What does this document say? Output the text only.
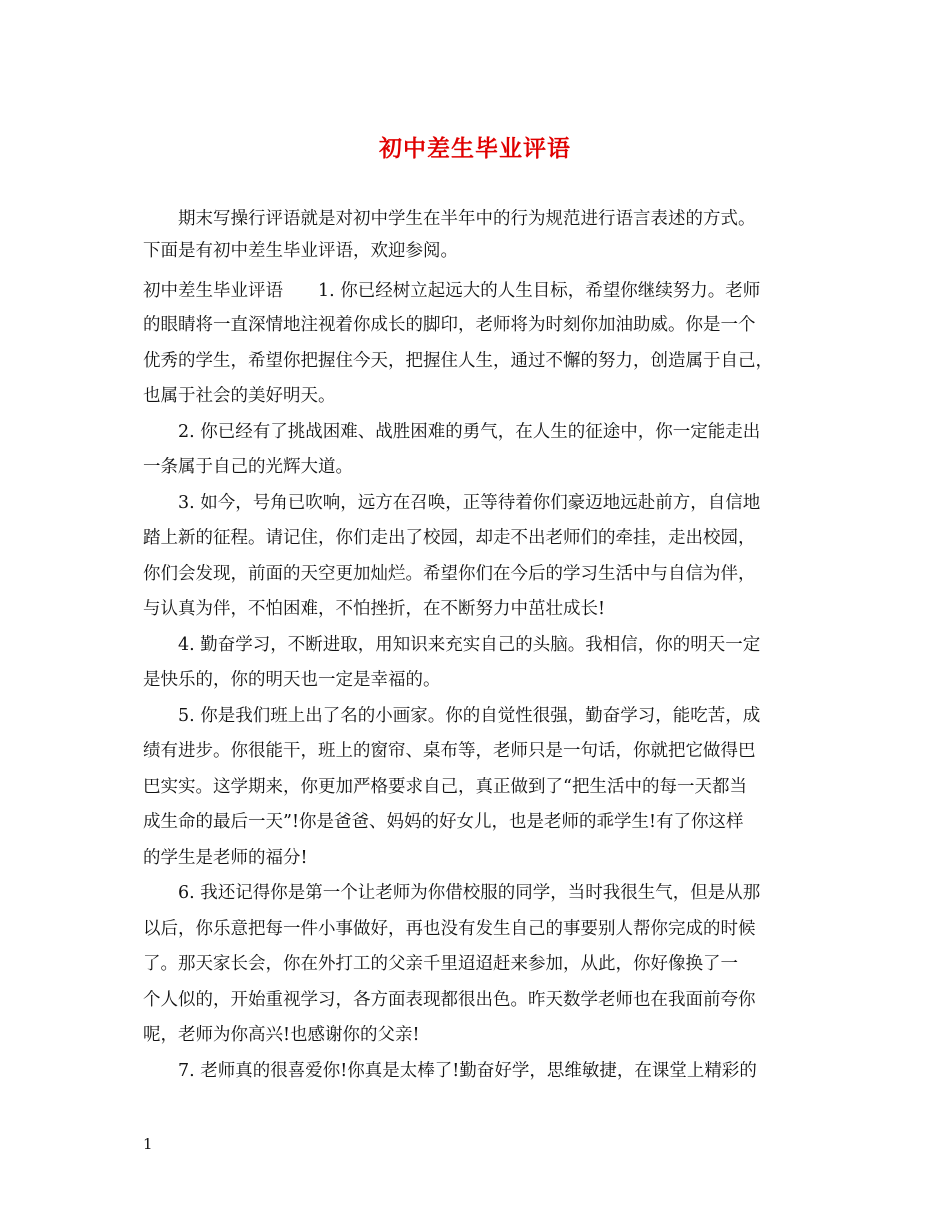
初中差生毕业评语
期末写操行评语就是对初中学生在半年中的行为规范进行语言表述的方式。
下面是有初中差生毕业评语，欢迎参阅。
初中差生毕业评语　　1. 你已经树立起远大的人生目标，希望你继续努力。老师
的眼睛将一直深情地注视着你成长的脚印，老师将为时刻你加油助威。你是一个
优秀的学生，希望你把握住今天，把握住人生，通过不懈的努力，创造属于自己，
也属于社会的美好明天。
2. 你已经有了挑战困难、战胜困难的勇气，在人生的征途中，你一定能走出
一条属于自己的光辉大道。
3. 如今，号角已吹响，远方在召唤，正等待着你们豪迈地远赴前方，自信地
踏上新的征程。请记住，你们走出了校园，却走不出老师们的牵挂，走出校园，
你们会发现，前面的天空更加灿烂。希望你们在今后的学习生活中与自信为伴，
与认真为伴，不怕困难，不怕挫折，在不断努力中茁壮成长!
4. 勤奋学习，不断进取，用知识来充实自己的头脑。我相信，你的明天一定
是快乐的，你的明天也一定是幸福的。
5. 你是我们班上出了名的小画家。你的自觉性很强，勤奋学习，能吃苦，成
绩有进步。你很能干，班上的窗帘、桌布等，老师只是一句话，你就把它做得巴
巴实实。这学期来，你更加严格要求自己，真正做到了“把生活中的每一天都当
成生命的最后一天”!你是爸爸、妈妈的好女儿，也是老师的乖学生!有了你这样
的学生是老师的福分!
6. 我还记得你是第一个让老师为你借校服的同学，当时我很生气，但是从那
以后，你乐意把每一件小事做好，再也没有发生自己的事要别人帮你完成的时候
了。那天家长会，你在外打工的父亲千里迢迢赶来参加，从此，你好像换了一
个人似的，开始重视学习，各方面表现都很出色。昨天数学老师也在我面前夸你
呢，老师为你高兴!也感谢你的父亲!
7. 老师真的很喜爱你!你真是太棒了!勤奋好学，思维敏捷，在课堂上精彩的
1
